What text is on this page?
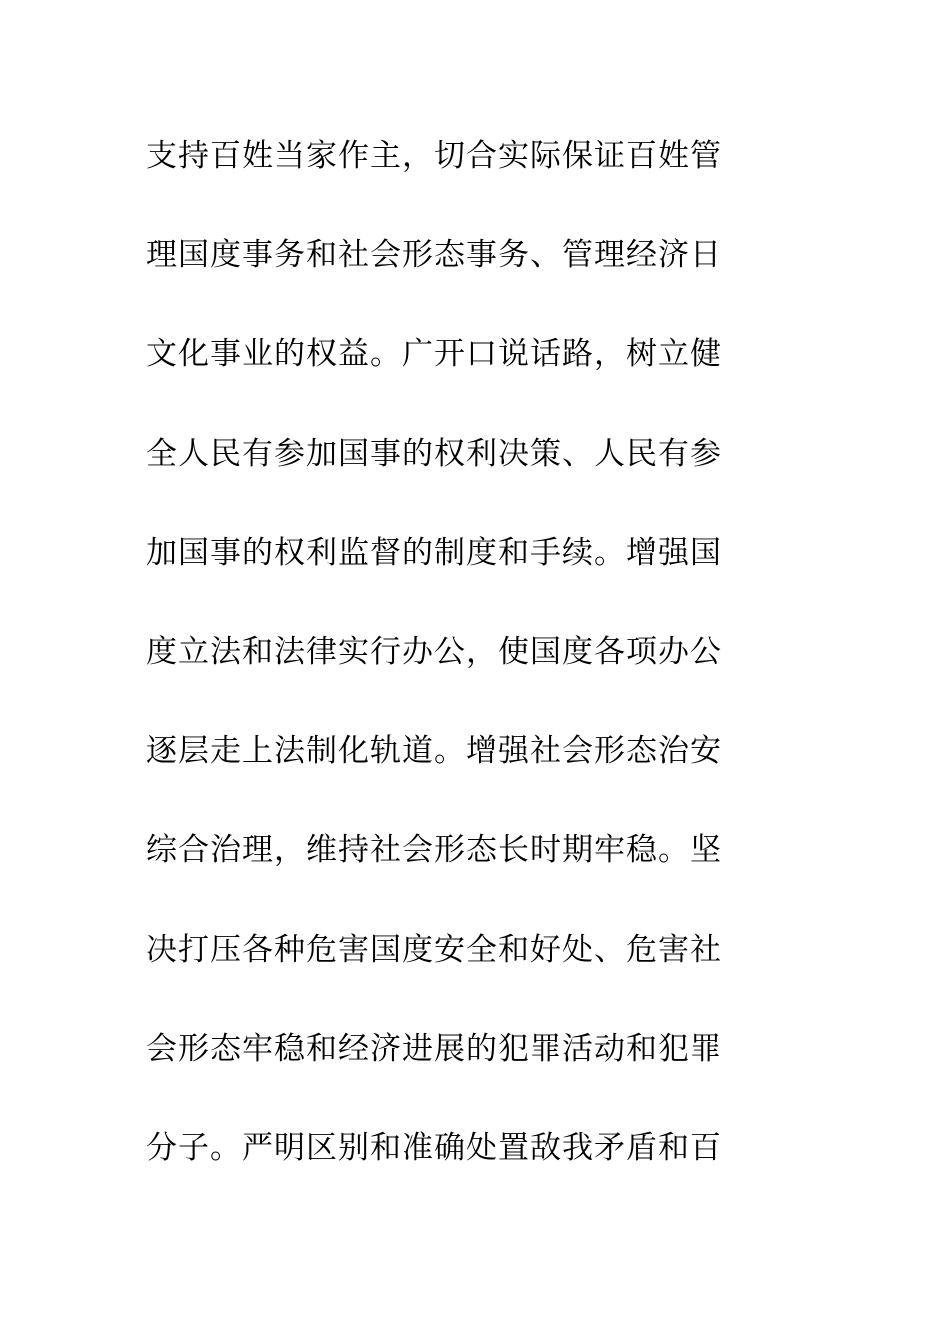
支持百姓当家作主，切合实际保证百姓管
理国度事务和社会形态事务、管理经济日
文化事业的权益。广开口说话路，树立健
全人民有参加国事的权利决策、人民有参
加国事的权利监督的制度和手续。增强国
度立法和法律实行办公，使国度各项办公
逐层走上法制化轨道。增强社会形态治安
综合治理，维持社会形态长时期牢稳。坚
决打压各种危害国度安全和好处、危害社
会形态牢稳和经济进展的犯罪活动和犯罪
分子。严明区别和准确处置敌我矛盾和百
